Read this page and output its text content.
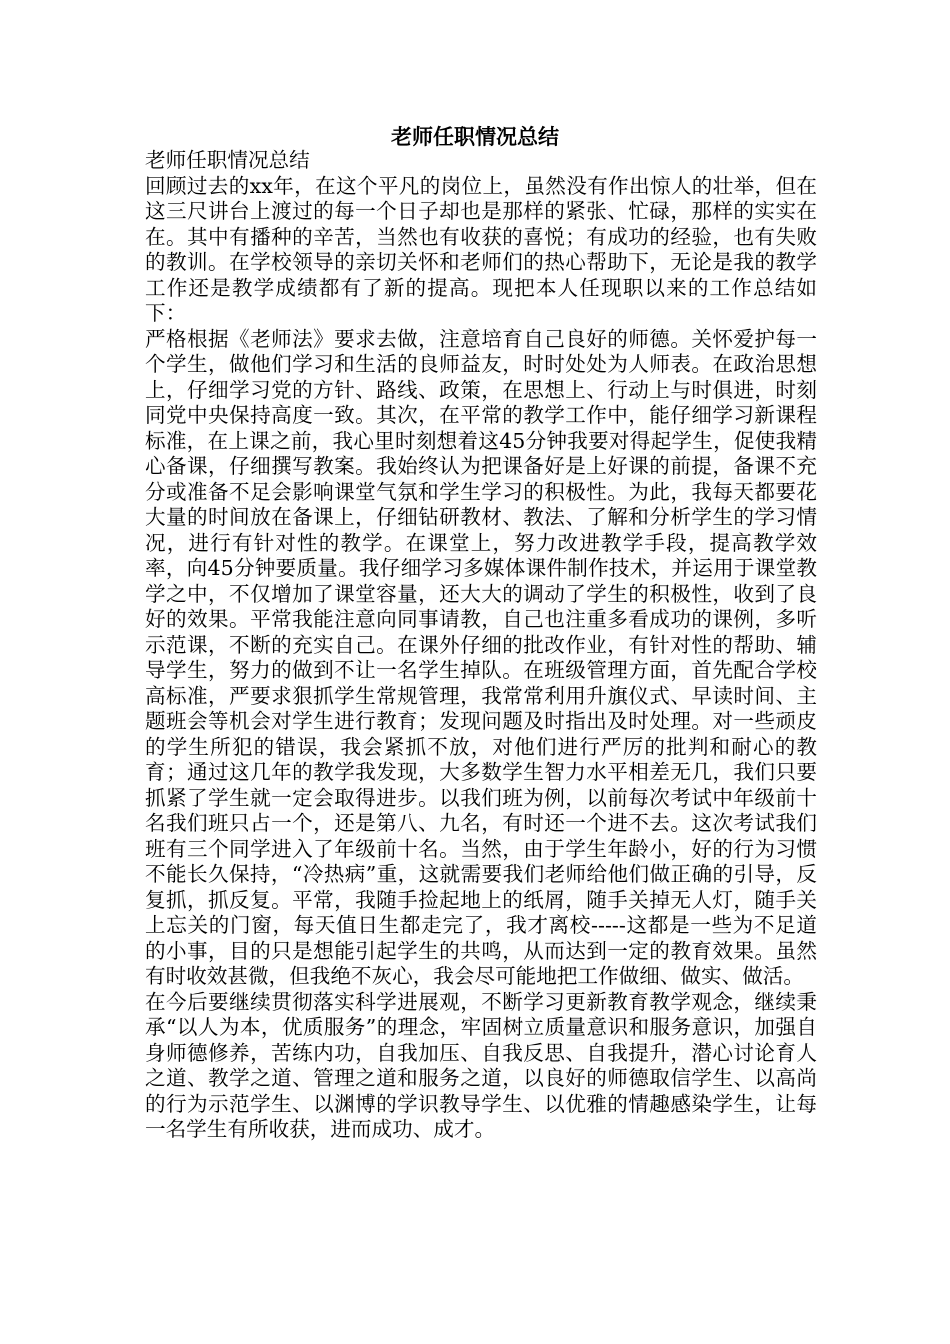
老师任职情况总结

老师任职情况总结

回顾过去的xx年，在这个平凡的岗位上，虽然没有作出惊人的壮举，但在这三尺讲台上渡过的每一个日子却也是那样的紧张、忙碌，那样的实实在在。其中有播种的辛苦，当然也有收获的喜悦；有成功的经验，也有失败的教训。在学校领导的亲切关怀和老师们的热心帮助下，无论是我的教学工作还是教学成绩都有了新的提高。现把本人任现职以来的工作总结如下：

严格根据《老师法》要求去做，注意培育自己良好的师德。关怀爱护每一个学生，做他们学习和生活的良师益友，时时处处为人师表。在政治思想上，仔细学习党的方针、路线、政策，在思想上、行动上与时俱进，时刻同党中央保持高度一致。其次，在平常的教学工作中，能仔细学习新课程标准，在上课之前，我心里时刻想着这45分钟我要对得起学生，促使我精心备课，仔细撰写教案。我始终认为把课备好是上好课的前提，备课不充分或准备不足会影响课堂气氛和学生学习的积极性。为此，我每天都要花大量的时间放在备课上，仔细钻研教材、教法、了解和分析学生的学习情况，进行有针对性的教学。在课堂上，努力改进教学手段，提高教学效率，向45分钟要质量。我仔细学习多媒体课件制作技术，并运用于课堂教学之中，不仅增加了课堂容量，还大大的调动了学生的积极性，收到了良好的效果。平常我能注意向同事请教，自己也注重多看成功的课例，多听示范课，不断的充实自己。在课外仔细的批改作业，有针对性的帮助、辅导学生，努力的做到不让一名学生掉队。在班级管理方面，首先配合学校高标准，严要求狠抓学生常规管理，我常常利用升旗仪式、早读时间、主题班会等机会对学生进行教育；发现问题及时指出及时处理。对一些顽皮的学生所犯的错误，我会紧抓不放，对他们进行严厉的批判和耐心的教育；通过这几年的教学我发现，大多数学生智力水平相差无几，我们只要抓紧了学生就一定会取得进步。以我们班为例，以前每次考试中年级前十名我们班只占一个，还是第八、九名，有时还一个进不去。这次考试我们班有三个同学进入了年级前十名。当然，由于学生年龄小，好的行为习惯不能长久保持，“冷热病”重，这就需要我们老师给他们做正确的引导，反复抓，抓反复。平常，我随手捡起地上的纸屑，随手关掉无人灯，随手关上忘关的门窗，每天值日生都走完了，我才离校-----这都是一些为不足道的小事，目的只是想能引起学生的共鸣，从而达到一定的教育效果。虽然有时收效甚微，但我绝不灰心，我会尽可能地把工作做细、做实、做活。

在今后要继续贯彻落实科学进展观，不断学习更新教育教学观念，继续秉承“以人为本，优质服务”的理念，牢固树立质量意识和服务意识，加强自身师德修养，苦练内功，自我加压、自我反思、自我提升，潜心讨论育人之道、教学之道、管理之道和服务之道，以良好的师德取信学生、以高尚的行为示范学生、以渊博的学识教导学生、以优雅的情趣感染学生，让每一名学生有所收获，进而成功、成才。
